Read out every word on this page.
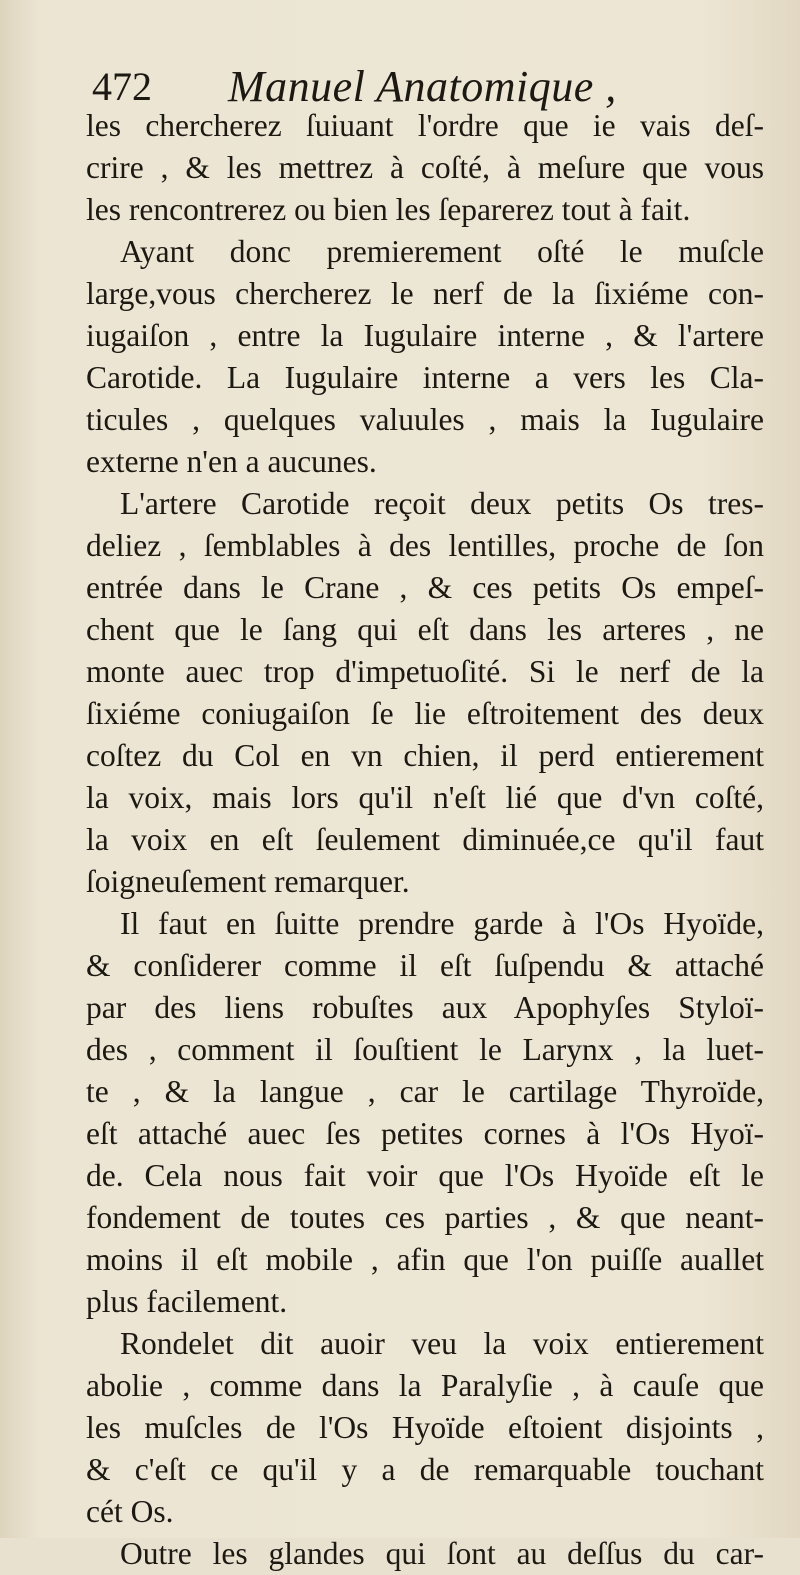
472 Manuel Anatomique ,
les chercherez ſuiuant l'ordre que ie vais deſ-
crire , & les mettrez à coſté, à meſure que vous
les rencontrerez ou bien les ſeparerez tout à fait.
Ayant donc premierement oſté le muſcle
large,vous chercherez le nerf de la ſixiéme con-
iugaiſon , entre la Iugulaire interne , & l'artere
Carotide. La Iugulaire interne a vers les Cla-
ticules , quelques valuules , mais la Iugulaire
externe n'en a aucunes.
L'artere Carotide reçoit deux petits Os tres-
deliez , ſemblables à des lentilles, proche de ſon
entrée dans le Crane , & ces petits Os empeſ-
chent que le ſang qui eſt dans les arteres , ne
monte auec trop d'impetuoſité. Si le nerf de la
ſixiéme coniugaiſon ſe lie eſtroitement des deux
coſtez du Col en vn chien, il perd entierement
la voix, mais lors qu'il n'eſt lié que d'vn coſté,
la voix en eſt ſeulement diminuée,ce qu'il faut
ſoigneuſement remarquer.
Il faut en ſuitte prendre garde à l'Os Hyoïde,
& conſiderer comme il eſt ſuſpendu & attaché
par des liens robuſtes aux Apophyſes Styloï-
des , comment il ſouſtient le Larynx , la luet-
te , & la langue , car le cartilage Thyroïde,
eſt attaché auec ſes petites cornes à l'Os Hyoï-
de. Cela nous fait voir que l'Os Hyoïde eſt le
fondement de toutes ces parties , & que neant-
moins il eſt mobile , afin que l'on puiſſe auallet
plus facilement.
Rondelet dit auoir veu la voix entierement
abolie , comme dans la Paralyſie , à cauſe que
les muſcles de l'Os Hyoïde eſtoient disjoints ,
& c'eſt ce qu'il y a de remarquable touchant
cét Os.
Outre les glandes qui ſont au deſſus du car-
